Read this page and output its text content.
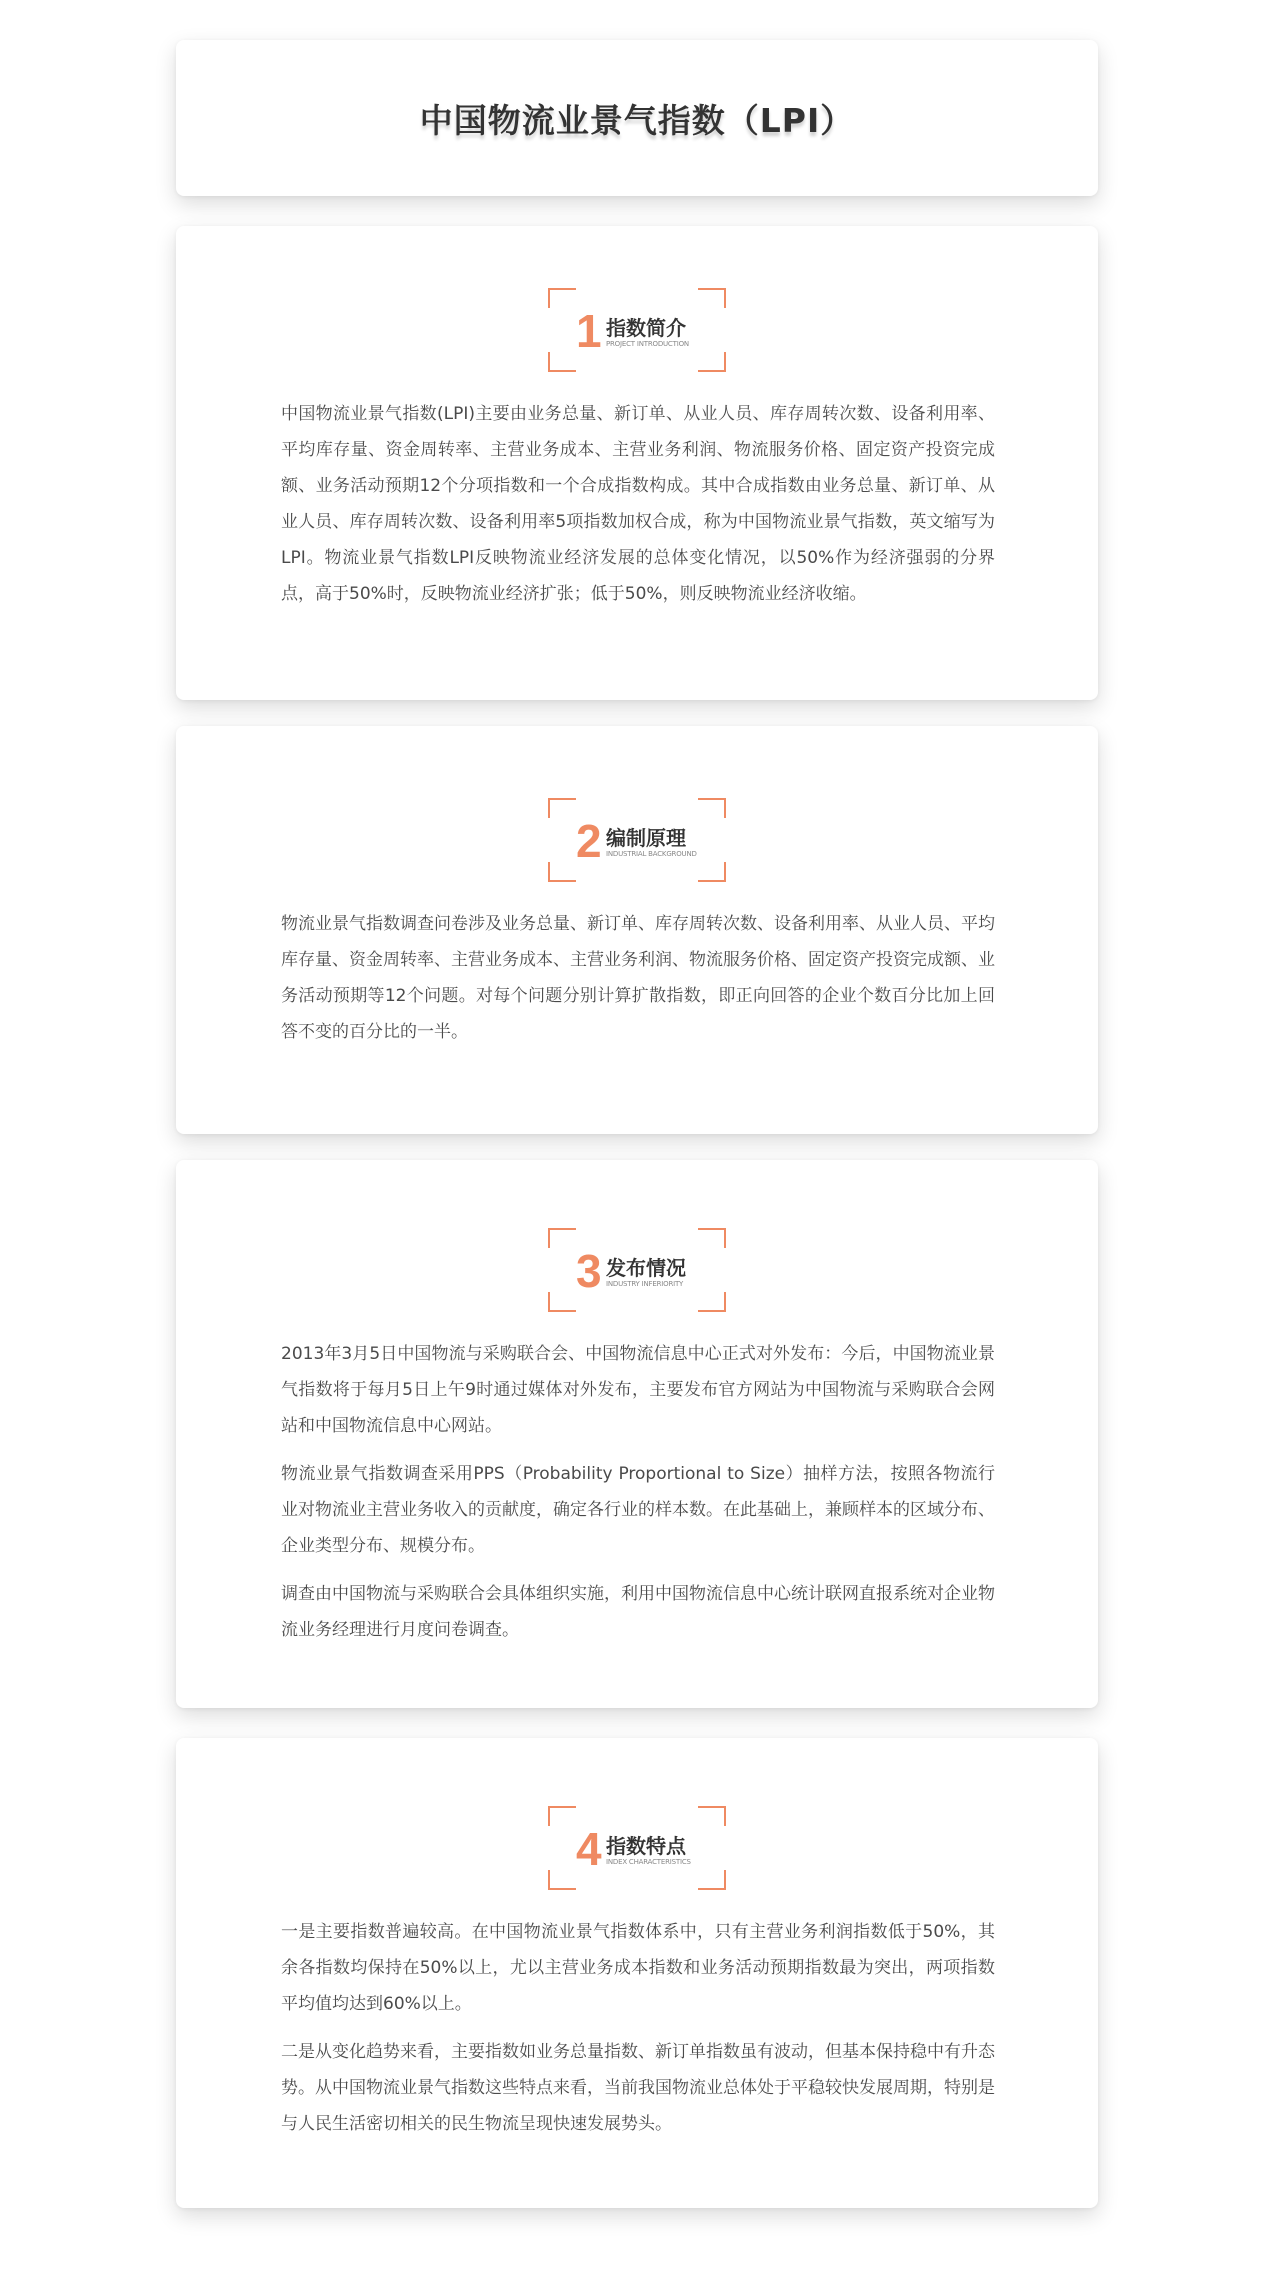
中国物流业景气指数（LPI）
1 指数简介
PROJECT INTRODUCTION

中国物流业景气指数(LPI)主要由业务总量、新订单、从业人员、库存周转次数、设备利用率、平均库存量、资金周转率、主营业务成本、主营业务利润、物流服务价格、固定资产投资完成额、业务活动预期12个分项指数和一个合成指数构成。其中合成指数由业务总量、新订单、从业人员、库存周转次数、设备利用率5项指数加权合成，称为中国物流业景气指数，英文缩写为LPI。物流业景气指数LPI反映物流业经济发展的总体变化情况，以50%作为经济强弱的分界点，高于50%时，反映物流业经济扩张；低于50%，则反映物流业经济收缩。

2 编制原理
INDUSTRIAL BACKGROUND

物流业景气指数调查问卷涉及业务总量、新订单、库存周转次数、设备利用率、从业人员、平均库存量、资金周转率、主营业务成本、主营业务利润、物流服务价格、固定资产投资完成额、业务活动预期等12个问题。对每个问题分别计算扩散指数，即正向回答的企业个数百分比加上回答不变的百分比的一半。

3 发布情况
INDUSTRY INFERIORITY

2013年3月5日中国物流与采购联合会、中国物流信息中心正式对外发布：今后，中国物流业景气指数将于每月5日上午9时通过媒体对外发布，主要发布官方网站为中国物流与采购联合会网站和中国物流信息中心网站。

物流业景气指数调查采用PPS（Probability Proportional to Size）抽样方法，按照各物流行业对物流业主营业务收入的贡献度，确定各行业的样本数。在此基础上，兼顾样本的区域分布、企业类型分布、规模分布。

调查由中国物流与采购联合会具体组织实施，利用中国物流信息中心统计联网直报系统对企业物流业务经理进行月度问卷调查。

4 指数特点
INDEX CHARACTERISTICS

一是主要指数普遍较高。在中国物流业景气指数体系中，只有主营业务利润指数低于50%，其余各指数均保持在50%以上，尤以主营业务成本指数和业务活动预期指数最为突出，两项指数平均值均达到60%以上。

二是从变化趋势来看，主要指数如业务总量指数、新订单指数虽有波动，但基本保持稳中有升态势。从中国物流业景气指数这些特点来看，当前我国物流业总体处于平稳较快发展周期，特别是与人民生活密切相关的民生物流呈现快速发展势头。
